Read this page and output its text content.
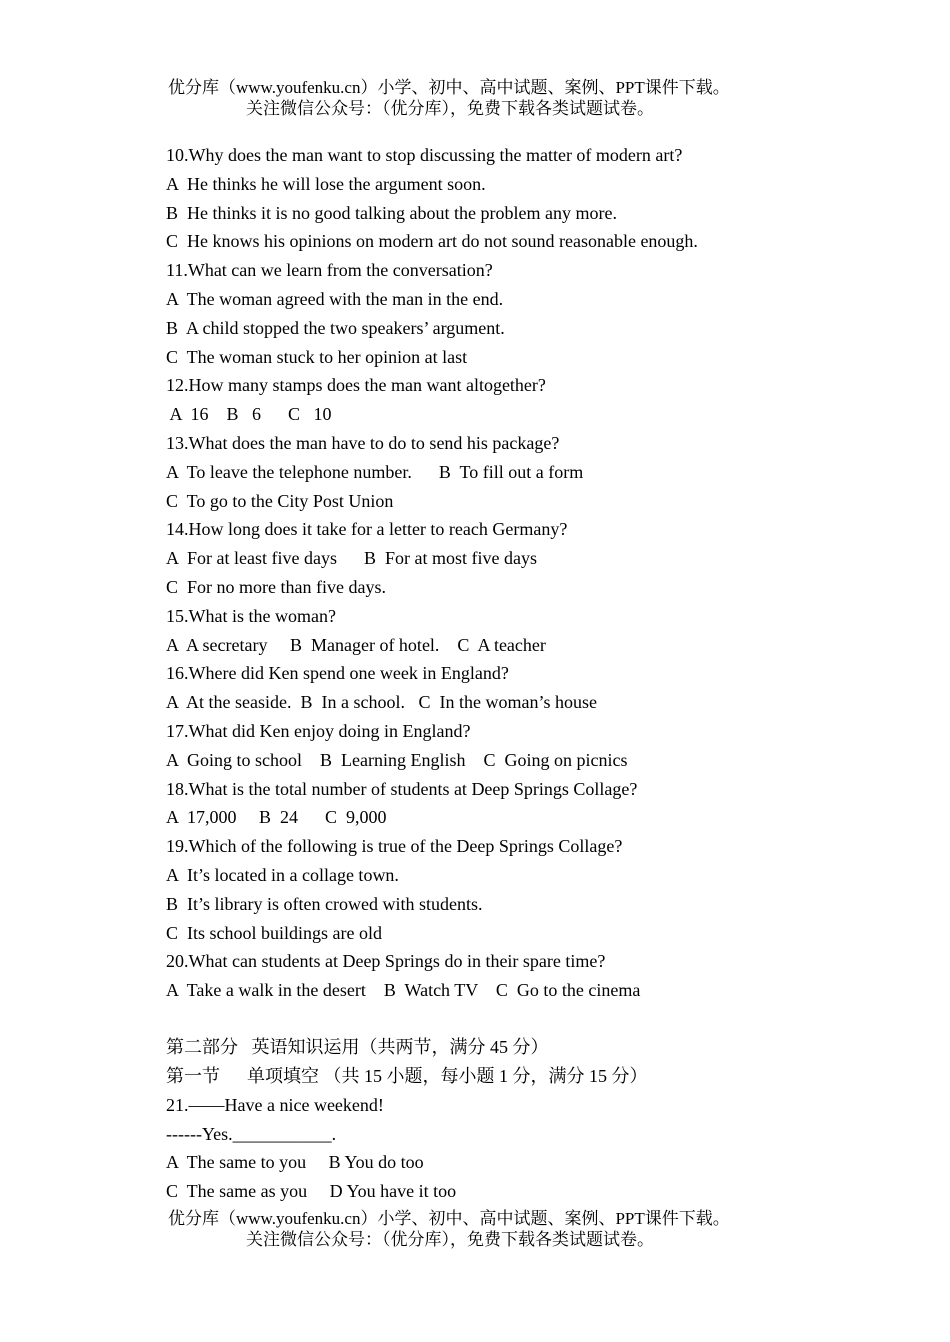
优分库（www.youfenku.cn）小学、初中、高中试题、案例、PPT课件下载。
关注微信公众号：（优分库），免费下载各类试题试卷。
10.Why does the man want to stop discussing the matter of modern art?
A  He thinks he will lose the argument soon.
B  He thinks it is no good talking about the problem any more.
C  He knows his opinions on modern art do not sound reasonable enough.
11.What can we learn from the conversation?
A  The woman agreed with the man in the end.
B  A child stopped the two speakers’ argument.
C  The woman stuck to her opinion at last
12.How many stamps does the man want altogether?
A  16    B   6      C   10
13.What does the man have to do to send his package?
A  To leave the telephone number.      B  To fill out a form
C  To go to the City Post Union
14.How long does it take for a letter to reach Germany?
A  For at least five days      B  For at most five days
C  For no more than five days.
15.What is the woman?
A  A secretary     B  Manager of hotel.    C  A teacher
16.Where did Ken spend one week in England?
A  At the seaside.  B  In a school.   C  In the woman’s house
17.What did Ken enjoy doing in England?
A  Going to school    B  Learning English    C  Going on picnics
18.What is the total number of students at Deep Springs Collage?
A  17,000     B  24      C  9,000
19.Which of the following is true of the Deep Springs Collage?
A  It’s located in a collage town.
B  It’s library is often crowed with students.
C  Its school buildings are old
20.What can students at Deep Springs do in their spare time?
A  Take a walk in the desert    B  Watch TV    C  Go to the cinema
第二部分   英语知识运用（共两节，满分 45 分）
第一节      单项填空 （共 15 小题，每小题 1 分，满分 15 分）
21.——Have a nice weekend!
------Yes.___________.
A  The same to you     B You do too
C  The same as you     D You have it too
优分库（www.youfenku.cn）小学、初中、高中试题、案例、PPT课件下载。
关注微信公众号：（优分库），免费下载各类试题试卷。
